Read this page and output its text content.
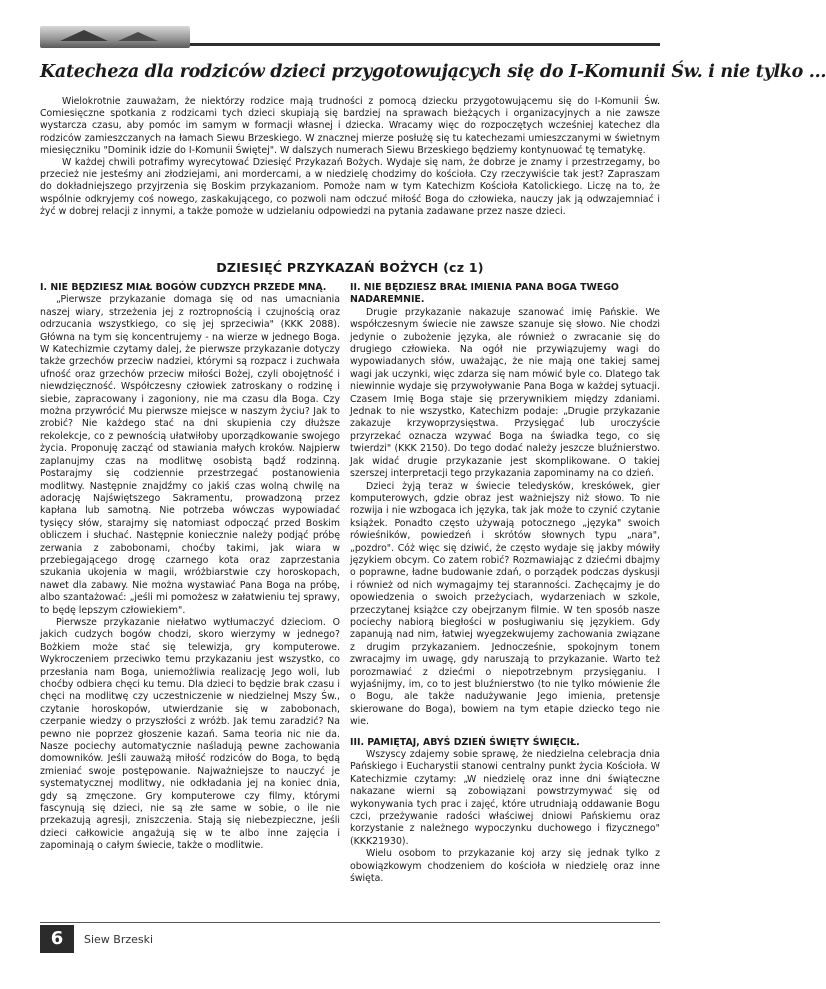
Katecheza dla rodziców dzieci przygotowujących się do I-Komunii Św. i nie tylko ...

Wielokrotnie zauważam, że niektórzy rodzice mają trudności z pomocą dziecku przygotowującemu się do I-Komunii Św. Comiesięczne spotkania z rodzicami tych dzieci skupiają się bardziej na sprawach bieżących i organizacyjnych a nie zawsze wystarcza czasu, aby pomóc im samym w formacji własnej i dziecka. Wracamy więc do rozpoczętych wcześniej katechez dla rodziców zamieszczanych na łamach Siewu Brzeskiego. W znacznej mierze posłużę się tu katechezami umieszczanymi w świetnym miesięczniku "Dominik idzie do I-Komunii Świętej". W dalszych numerach Siewu Brzeskiego będziemy kontynuować tę tematykę.

W każdej chwili potrafimy wyrecytować Dziesięć Przykazań Bożych. Wydaje się nam, że dobrze je znamy i przestrzegamy, bo przecież nie jesteśmy ani złodziejami, ani mordercami, a w niedzielę chodzimy do kościoła. Czy rzeczywiście tak jest? Zapraszam do dokładniejszego przyjrzenia się Boskim przykazaniom. Pomoże nam w tym Katechizm Kościoła Katolickiego. Liczę na to, że wspólnie odkryjemy coś nowego, zaskakującego, co pozwoli nam odczuć miłość Boga do człowieka, nauczy jak ją odwzajemniać i żyć w dobrej relacji z innymi, a także pomoże w udzielaniu odpowiedzi na pytania zadawane przez nasze dzieci.

DZIESIĘĆ PRZYKAZAŃ BOŻYCH (cz 1)
I. NIE BĘDZIESZ MIAŁ BOGÓW CUDZYCH PRZEDE MNĄ.

„Pierwsze przykazanie domaga się od nas umacniania naszej wiary, strzeżenia jej z roztropnością i czujnością oraz odrzucania wszystkiego, co się jej sprzeciwia" (KKK 2088). Główna na tym się koncentrujemy - na wierze w jednego Boga. W Katechizmie czytamy dalej, że pierwsze przykazanie dotyczy także grzechów przeciw nadziei, którymi są rozpacz i zuchwała ufność oraz grzechów przeciw miłości Bożej, czyli obojętność i niewdzięczność. Współczesny człowiek zatroskany o rodzinę i siebie, zapracowany i zagoniony, nie ma czasu dla Boga. Czy można przywrócić Mu pierwsze miejsce w naszym życiu? Jak to zrobić? Nie każdego stać na dni skupienia czy dłuższe rekolekcje, co z pewnością ułatwiłoby uporządkowanie swojego życia. Proponuję zacząć od stawiania małych kroków. Najpierw zaplanujmy czas na modlitwę osobistą bądź rodzinną. Postarajmy się codziennie przestrzegać postanowienia modlitwy. Następnie znajdźmy co jakiś czas wolną chwilę na adorację Najświętszego Sakramentu, prowadzoną przez kapłana lub samotną. Nie potrzeba wówczas wypowiadać tysięcy słów, starajmy się natomiast odpocząć przed Boskim obliczem i słuchać. Następnie koniecznie należy podjąć próbę zerwania z zabobonami, choćby takimi, jak wiara w przebiegającego drogę czarnego kota oraz zaprzestania szukania ukojenia w magii, wróżbiarstwie czy horoskopach, nawet dla zabawy. Nie można wystawiać Pana Boga na próbę, albo szantażować: „jeśli mi pomożesz w załatwieniu tej sprawy, to będę lepszym człowiekiem".

Pierwsze przykazanie niełatwo wytłumaczyć dzieciom. O jakich cudzych bogów chodzi, skoro wierzymy w jednego? Bożkiem może stać się telewizja, gry komputerowe. Wykroczeniem przeciwko temu przykazaniu jest wszystko, co przesłania nam Boga, uniemożliwia realizację Jego woli, lub choćby odbiera chęci ku temu. Dla dzieci to będzie brak czasu i chęci na modlitwę czy uczestniczenie w niedzielnej Mszy Św., czytanie horoskopów, utwierdzanie się w zabobonach, czerpanie wiedzy o przyszłości z wróżb. Jak temu zaradzić? Na pewno nie poprzez głoszenie kazań. Sama teoria nic nie da. Nasze pociechy automatycznie naśladują pewne zachowania domowników. Jeśli zauważą miłość rodziców do Boga, to będą zmieniać swoje postępowanie. Najważniejsze to nauczyć je systematycznej modlitwy, nie odkładania jej na koniec dnia, gdy są zmęczone. Gry komputerowe czy filmy, którymi fascynują się dzieci, nie są złe same w sobie, o ile nie przekazują agresji, zniszczenia. Stają się niebezpieczne, jeśli dzieci całkowicie angażują się w te albo inne zajęcia i zapominają o całym świecie, także o modlitwie.

II. NIE BĘDZIESZ BRAŁ IMIENIA PANA BOGA TWEGO NADAREMNIE.

Drugie przykazanie nakazuje szanować imię Pańskie. We współczesnym świecie nie zawsze szanuje się słowo. Nie chodzi jedynie o zubożenie języka, ale również o zwracanie się do drugiego człowieka. Na ogół nie przywiązujemy wagi do wypowiadanych słów, uważając, że nie mają one takiej samej wagi jak uczynki, więc zdarza się nam mówić byle co. Dlatego tak niewinnie wydaje się przywoływanie Pana Boga w każdej sytuacji. Czasem Imię Boga staje się przerywnikiem między zdaniami. Jednak to nie wszystko, Katechizm podaje: „Drugie przykazanie zakazuje krzywoprzysięstwa. Przysięgać lub uroczyście przyrzekać oznacza wzywać Boga na świadka tego, co się twierdzi" (KKK 2150). Do tego dodać należy jeszcze bluźnierstwo. Jak widać drugie przykazanie jest skomplikowane. O takiej szerszej interpretacji tego przykazania zapominamy na co dzień.

Dzieci żyją teraz w świecie teledysków, kreskówek, gier komputerowych, gdzie obraz jest ważniejszy niż słowo. To nie rozwija i nie wzbogaca ich języka, tak jak może to czynić czytanie książek. Ponadto często używają potocznego „języka" swoich rówieśników, powiedzeń i skrótów słownych typu „nara", „pozdro". Cóż więc się dziwić, że często wydaje się jakby mówiły językiem obcym. Co zatem robić? Rozmawiając z dziećmi dbajmy o poprawne, ładne budowanie zdań, o porządek podczas dyskusji i również od nich wymagajmy tej staranności. Zachęcajmy je do opowiedzenia o swoich przeżyciach, wydarzeniach w szkole, przeczytanej książce czy obejrzanym filmie. W ten sposób nasze pociechy nabiorą biegłości w posługiwaniu się językiem. Gdy zapanują nad nim, łatwiej wyegzekwujemy zachowania związane z drugim przykazaniem. Jednocześnie, spokojnym tonem zwracajmy im uwagę, gdy naruszają to przykazanie. Warto też porozmawiać z dziećmi o niepotrzebnym przysięganiu. I wyjaśnijmy, im, co to jest bluźnierstwo (to nie tylko mówienie źle o Bogu, ale także nadużywanie Jego imienia, pretensje skierowane do Boga), bowiem na tym etapie dziecko tego nie wie.

III. PAMIĘTAJ, ABYŚ DZIEŃ ŚWIĘTY ŚWIĘCIŁ.

Wszyscy zdajemy sobie sprawę, że niedzielna celebracja dnia Pańskiego i Eucharystii stanowi centralny punkt życia Kościoła. W Katechizmie czytamy: „W niedzielę oraz inne dni świąteczne nakazane wierni są zobowiązani powstrzymywać się od wykonywania tych prac i zajęć, które utrudniają oddawanie Bogu czci, przeżywanie radości właściwej dniowi Pańskiemu oraz korzystanie z należnego wypoczynku duchowego i fizycznego" (KKK21930).

Wielu osobom to przykazanie koj arzy się jednak tylko z obowiązkowym chodzeniem do kościoła w niedzielę oraz inne święta.

6	Siew Brzeski
